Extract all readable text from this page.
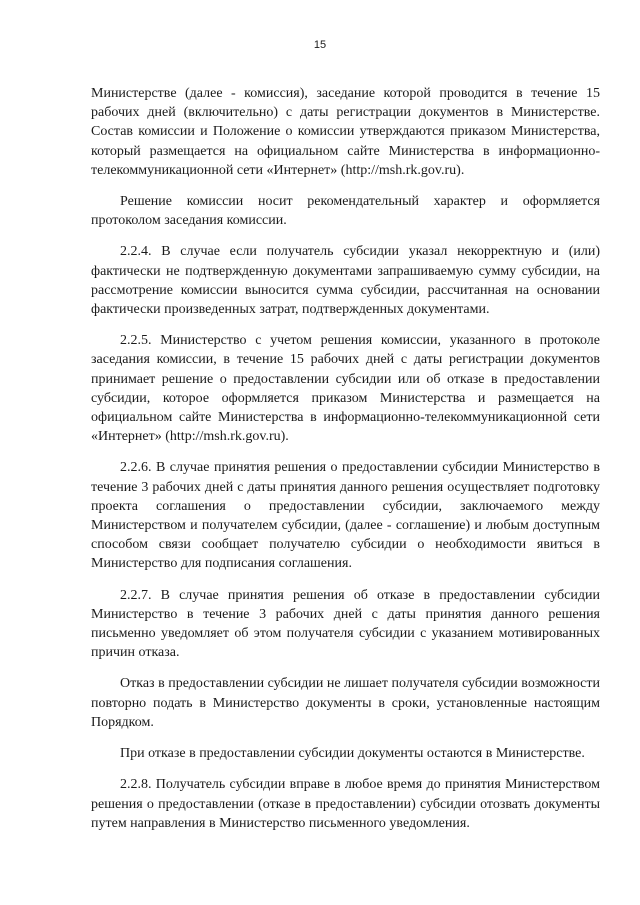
15

Министерстве (далее - комиссия), заседание которой проводится в течение 15 рабочих дней (включительно) с даты регистрации документов в Министерстве. Состав комиссии и Положение о комиссии утверждаются приказом Министерства, который размещается на официальном сайте Министерства в информационно-телекоммуникационной сети «Интернет» (http://msh.rk.gov.ru).

Решение комиссии носит рекомендательный характер и оформляется протоколом заседания комиссии.

2.2.4. В случае если получатель субсидии указал некорректную и (или) фактически не подтвержденную документами запрашиваемую сумму субсидии, на рассмотрение комиссии выносится сумма субсидии, рассчитанная на основании фактически произведенных затрат, подтвержденных документами.

2.2.5. Министерство с учетом решения комиссии, указанного в протоколе заседания комиссии, в течение 15 рабочих дней с даты регистрации документов принимает решение о предоставлении субсидии или об отказе в предоставлении субсидии, которое оформляется приказом Министерства и размещается на официальном сайте Министерства в информационно-телекоммуникационной сети «Интернет» (http://msh.rk.gov.ru).

2.2.6. В случае принятия решения о предоставлении субсидии Министерство в течение 3 рабочих дней с даты принятия данного решения осуществляет подготовку проекта соглашения о предоставлении субсидии, заключаемого между Министерством и получателем субсидии, (далее - соглашение) и любым доступным способом связи сообщает получателю субсидии о необходимости явиться в Министерство для подписания соглашения.

2.2.7. В случае принятия решения об отказе в предоставлении субсидии Министерство в течение 3 рабочих дней с даты принятия данного решения письменно уведомляет об этом получателя субсидии с указанием мотивированных причин отказа.

Отказ в предоставлении субсидии не лишает получателя субсидии возможности повторно подать в Министерство документы в сроки, установленные настоящим Порядком.

При отказе в предоставлении субсидии документы остаются в Министерстве.

2.2.8. Получатель субсидии вправе в любое время до принятия Министерством решения о предоставлении (отказе в предоставлении) субсидии отозвать документы путем направления в Министерство письменного уведомления.
